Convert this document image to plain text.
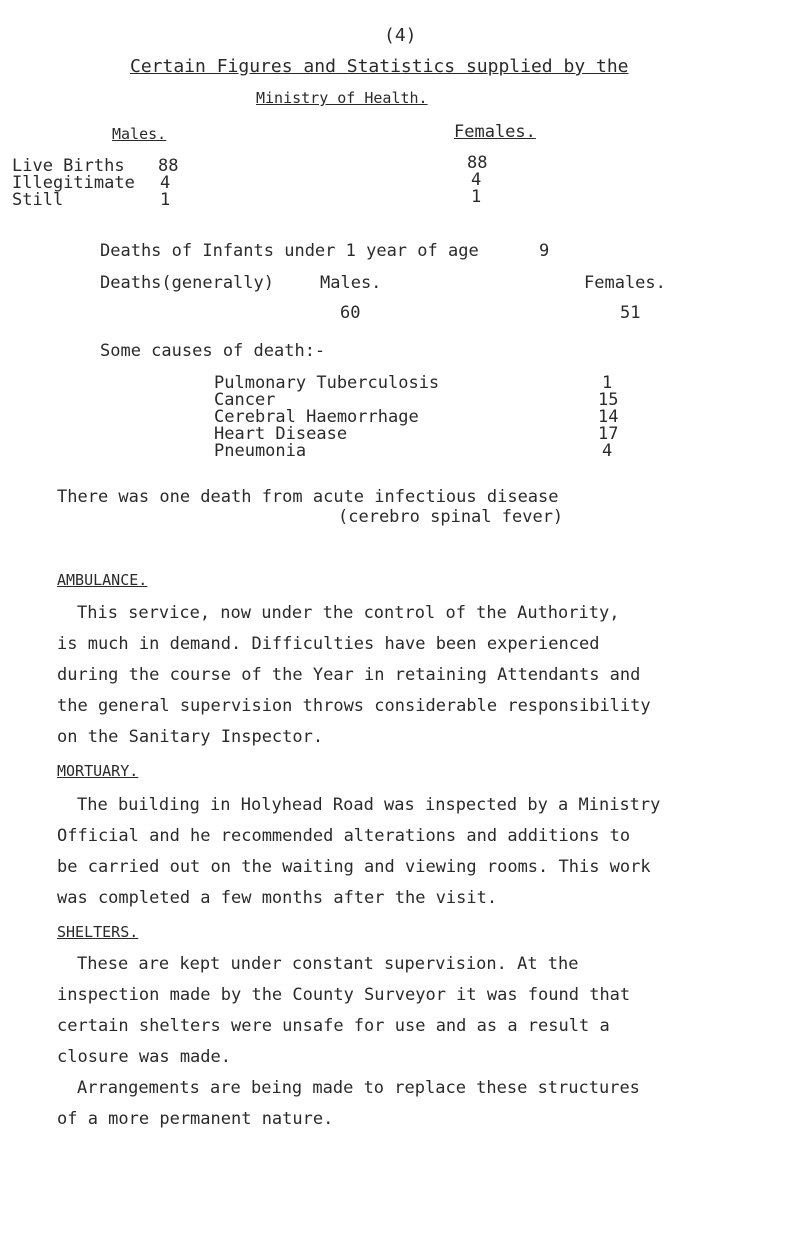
(4)
Certain Figures and Statistics supplied by the
Ministry of Health.
Males.	Females.
Live Births 88	88
Illegitimate 4	4
Still	1	1
Deaths of Infants under 1 year of age	9
Deaths(generally)	Males.	Females.
60	51
Some causes of death:-
Pulmonary Tuberculosis	1
Cancer	15
Cerebral Haemorrhage	14
Heart Disease	17
Pneumonia	4
There was one death from acute infectious disease
(cerebro spinal fever)
AMBULANCE.
This service, now under the control of the Authority,
is much in demand. Difficulties have been experienced
during the course of the Year in retaining Attendants and
the general supervision throws considerable responsibility
on the Sanitary Inspector.
MORTUARY.
The building in Holyhead Road was inspected by a Ministry
Official and he recommended alterations and additions to
be carried out on the waiting and viewing rooms. This work
was completed a few months after the visit.
SHELTERS.
These are kept under constant supervision. At the
inspection made by the County Surveyor it was found that
certain shelters were unsafe for use and as a result a
closure was made.
Arrangements are being made to replace these structures
of a more permanent nature.
